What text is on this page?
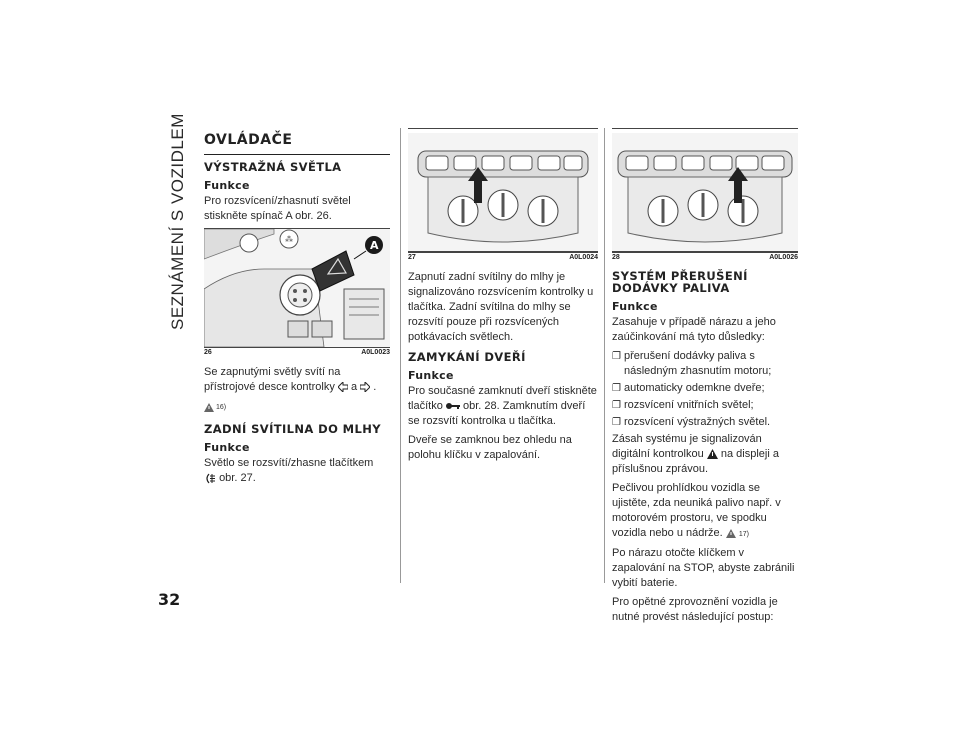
SEZNÁMENÍ S VOZIDLEM
32
OVLÁDAČE
VÝSTRAŽNÁ SVĚTLA
Funkce

Pro rozsvícení/zhasnutí světel stiskněte spínač A obr. 26.

⁂	A
26	A0L0023

Se zapnutými světly svítí na přístrojové desce kontrolky a .

16)
ZADNÍ SVÍTILNA DO MLHY
Funkce

Světlo se rozsvítí/zhasne tlačítkem
obr. 27.

27	A0L0024

Zapnutí zadní svítilny do mlhy je signalizováno rozsvícením kontrolky u tlačítka. Zadní svítilna do mlhy se rozsvítí pouze při rozsvícených potkávacích světlech.

ZAMYKÁNÍ DVEŘÍ
Funkce

Pro současné zamknutí dveří stiskněte tlačítko obr. 28. Zamknutím dveří se rozsvítí kontrolka u tlačítka.

Dveře se zamknou bez ohledu na polohu klíčku v zapalování.

28	A0L0026
SYSTÉM PŘERUŠENÍ DODÁVKY PALIVA
Funkce

Zasahuje v případě nárazu a jeho zaúčinkování má tyto důsledky:

❐ přerušení dodávky paliva s následným zhasnutím motoru;
❐ automaticky odemkne dveře;
❐ rozsvícení vnitřních světel;
❐ rozsvícení výstražných světel.

Zásah systému je signalizován digitální kontrolkou na displeji a příslušnou zprávou.

Pečlivou prohlídkou vozidla se ujistěte, zda neuniká palivo např. v motorovém prostoru, ve spodku vozidla nebo u nádrže. 17)

Po nárazu otočte klíčkem v zapalování na STOP, abyste zabránili vybití baterie.

Pro opětné zprovoznění vozidla je nutné provést následující postup:
